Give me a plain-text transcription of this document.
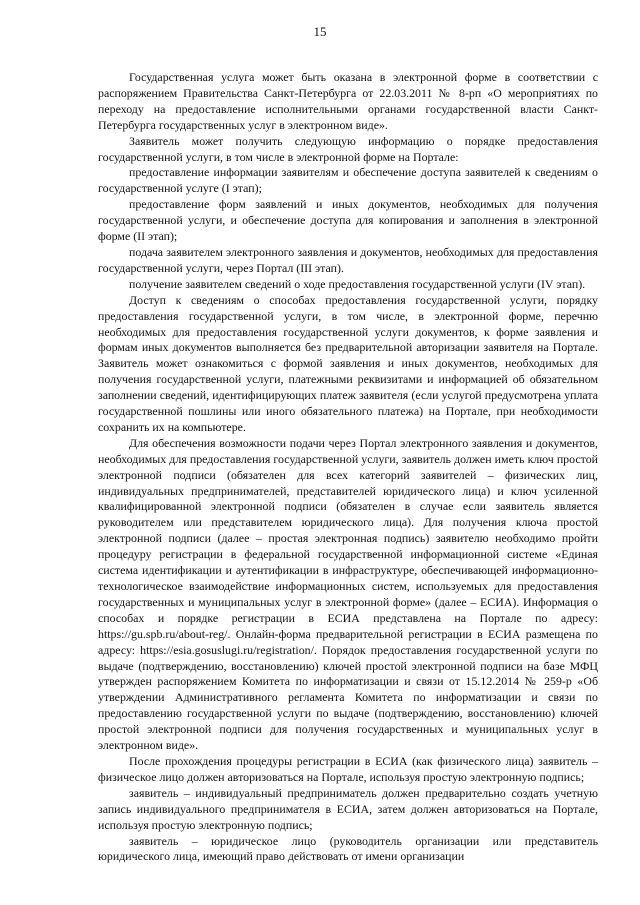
15

Государственная услуга может быть оказана в электронной форме в соответствии с распоряжением Правительства Санкт-Петербурга от 22.03.2011 № 8-рп «О мероприятиях по переходу на предоставление исполнительными органами государственной власти Санкт-Петербурга государственных услуг в электронном виде».

Заявитель может получить следующую информацию о порядке предоставления государственной услуги, в том числе в электронной форме на Портале:

предоставление информации заявителям и обеспечение доступа заявителей к сведениям о государственной услуге (I этап);

предоставление форм заявлений и иных документов, необходимых для получения государственной услуги, и обеспечение доступа для копирования и заполнения в электронной форме (II этап);

подача заявителем электронного заявления и документов, необходимых для предоставления государственной услуги, через Портал (III этап).

получение заявителем сведений о ходе предоставления государственной услуги (IV этап).

Доступ к сведениям о способах предоставления государственной услуги, порядку предоставления государственной услуги, в том числе, в электронной форме, перечню необходимых для предоставления государственной услуги документов, к форме заявления и формам иных документов выполняется без предварительной авторизации заявителя на Портале. Заявитель может ознакомиться с формой заявления и иных документов, необходимых для получения государственной услуги, платежными реквизитами и информацией об обязательном заполнении сведений, идентифицирующих платеж заявителя (если услугой предусмотрена уплата государственной пошлины или иного обязательного платежа) на Портале, при необходимости сохранить их на компьютере.

Для обеспечения возможности подачи через Портал электронного заявления и документов, необходимых для предоставления государственной услуги, заявитель должен иметь ключ простой электронной подписи (обязателен для всех категорий заявителей – физических лиц, индивидуальных предпринимателей, представителей юридического лица) и ключ усиленной квалифицированной электронной подписи (обязателен в случае если заявитель является руководителем или представителем юридического лица). Для получения ключа простой электронной подписи (далее – простая электронная подпись) заявителю необходимо пройти процедуру регистрации в федеральной государственной информационной системе «Единая система идентификации и аутентификации в инфраструктуре, обеспечивающей информационно-технологическое взаимодействие информационных систем, используемых для предоставления государственных и муниципальных услуг в электронной форме» (далее – ЕСИА). Информация о способах и порядке регистрации в ЕСИА представлена на Портале по адресу: https://gu.spb.ru/about-reg/. Онлайн-форма предварительной регистрации в ЕСИА размещена по адресу: https://esia.gosuslugi.ru/registration/. Порядок предоставления государственной услуги по выдаче (подтверждению, восстановлению) ключей простой электронной подписи на базе МФЦ утвержден распоряжением Комитета по информатизации и связи от 15.12.2014 № 259-р «Об утверждении Административного регламента Комитета по информатизации и связи по предоставлению государственной услуги по выдаче (подтверждению, восстановлению) ключей простой электронной подписи для получения государственных и муниципальных услуг в электронном виде».

После прохождения процедуры регистрации в ЕСИА (как физического лица) заявитель – физическое лицо должен авторизоваться на Портале, используя простую электронную подпись;

заявитель – индивидуальный предприниматель должен предварительно создать учетную запись индивидуального предпринимателя в ЕСИА, затем должен авторизоваться на Портале, используя простую электронную подпись;

заявитель – юридическое лицо (руководитель организации или представитель юридического лица, имеющий право действовать от имени организации
